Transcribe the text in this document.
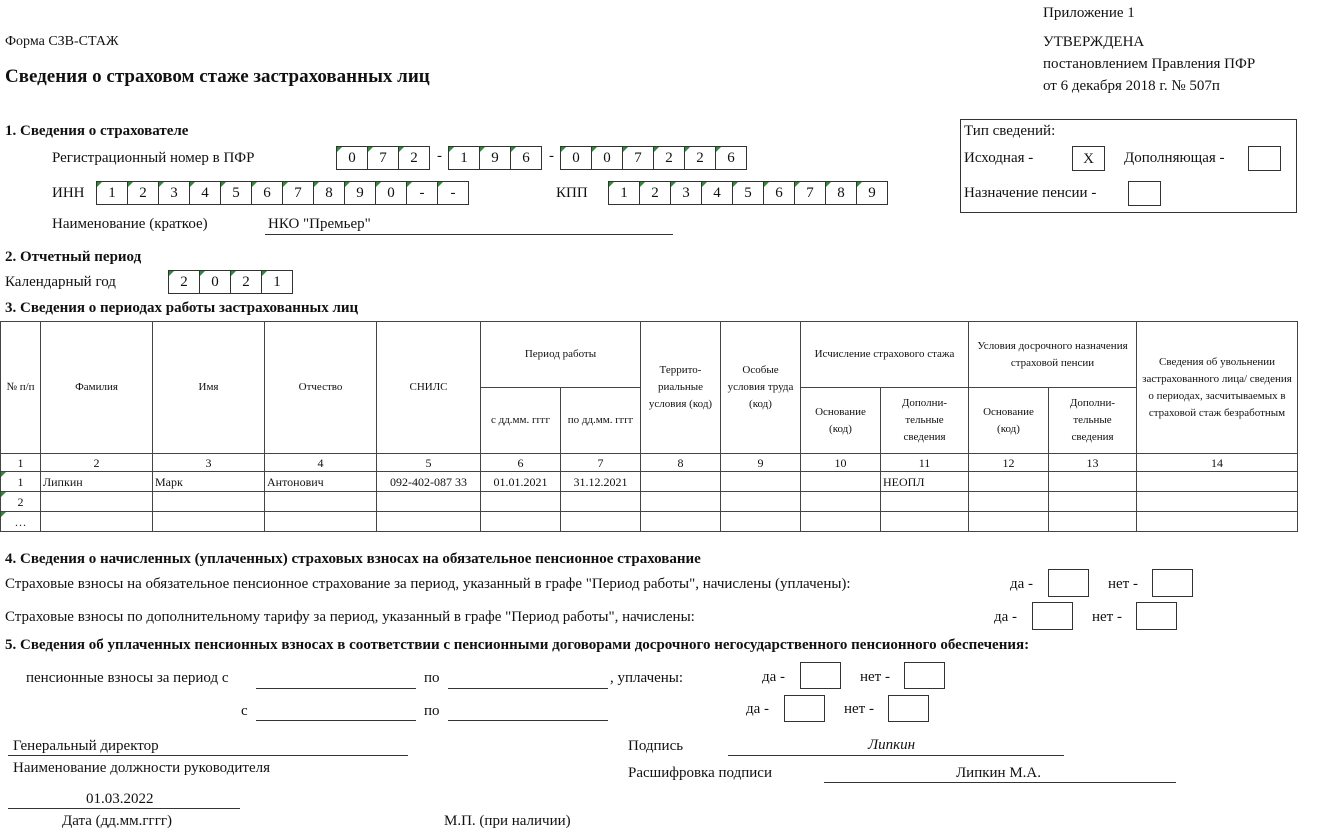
Приложение 1
Форма СЗВ-СТАЖ
Сведения о страховом стаже застрахованных лиц
УТВЕРЖДЕНА
постановлением Правления ПФР
от 6 декабря 2018 г. № 507п
1. Сведения о страхователе
Регистрационный номер в ПФР	0	7	2	-	1	9	6	-	0	0	7	2	2	6
ИНН	1	2	3	4	5	6	7	8	9	0	-	-	КПП	1	2	3	4	5	6	7	8	9
Наименование (краткое)	НКО "Премьер"
Тип сведений:
Исходная -	X	Дополняющая -
Назначение пенсии -
2. Отчетный период
Календарный год	2	0	2	1
3. Сведения о периодах работы застрахованных лиц
№ п/п	Фамилия	Имя	Отчество	СНИЛС	Период работы		Террито-риальные условия (код)	Особые условия труда (код)	Исчисление страхового стажа		Условия досрочного назначения страховой пенсии		Сведения об увольнении застрахованного лица/ сведения о периодах, засчитываемых в страховой стаж безработным
					с дд.мм. гггг	по дд.мм. гггг			Основание (код)	Дополни-тельные сведения	Основание (код)	Дополни-тельные сведения	
1	2	3	4	5	6	7	8	9	10	11	12	13	14
1	Липкин	Марк	Антонович	092-402-087 33	01.01.2021	31.12.2021				НЕОПЛ			
2													
…													
4. Сведения о начисленных (уплаченных) страховых взносах на обязательное пенсионное страхование
Страховые взносы на обязательное пенсионное страхование за период, указанный в графе "Период работы", начислены (уплачены):	да -	нет -
Страховые взносы по дополнительному тарифу за период, указанный в графе "Период работы", начислены:	да -	нет -
5. Сведения об уплаченных пенсионных взносах в соответствии с пенсионными договорами досрочного негосударственного пенсионного обеспечения:
пенсионные взносы за период с	по	, уплачены:	да -	нет -
с	по	да -	нет -
Генеральный директор
Наименование должности руководителя
Подпись	Липкин
Расшифровка подписи	Липкин М.А.
01.03.2022
Дата (дд.мм.гггг)	М.П. (при наличии)
